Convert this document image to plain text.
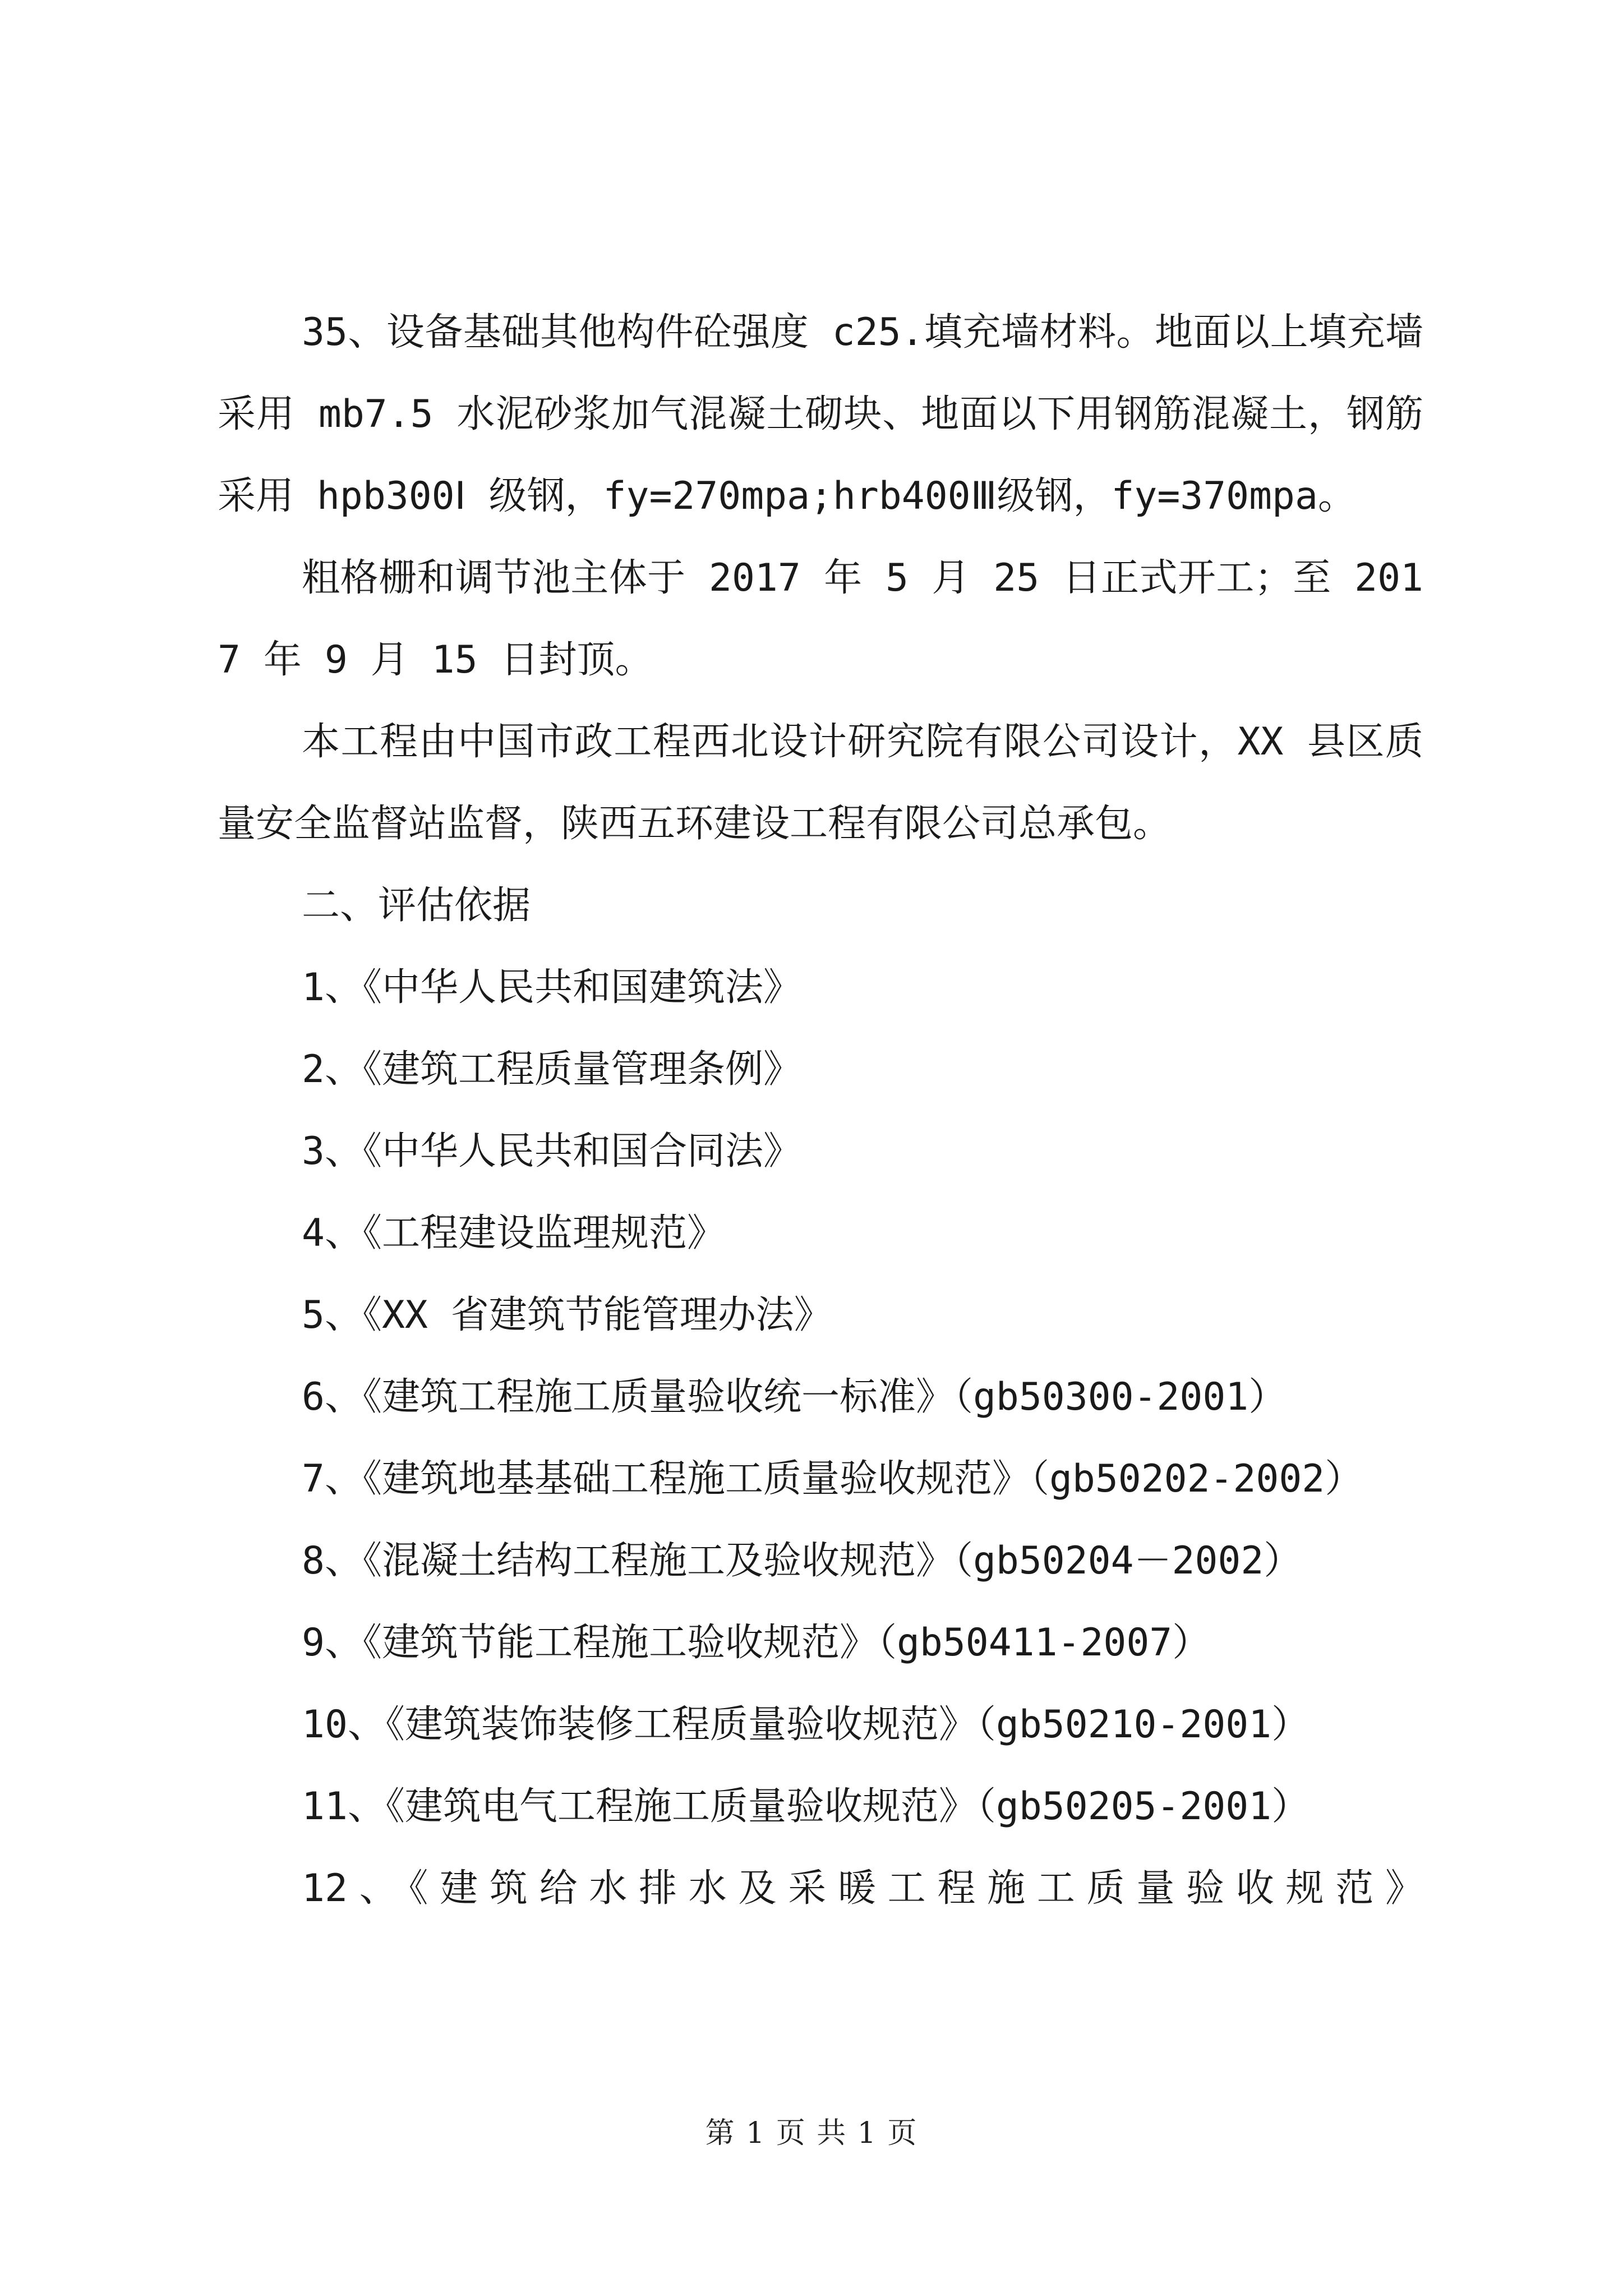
35、设备基础其他构件砼强度 c25.填充墙材料。地面以上填充墙采用 mb7.5 水泥砂浆加气混凝土砌块、地面以下用钢筋混凝土，钢筋采用 hpb300Ⅰ 级钢，fy=270mpa;hrb400Ⅲ级钢，fy=370mpa。

粗格栅和调节池主体于 2017 年 5 月 25 日正式开工；至 2017 年 9 月 15 日封顶。

本工程由中国市政工程西北设计研究院有限公司设计，XX 县区质量安全监督站监督，陕西五环建设工程有限公司总承包。

二、评估依据

1、《中华人民共和国建筑法》

2、《建筑工程质量管理条例》

3、《中华人民共和国合同法》

4、《工程建设监理规范》

5、《XX 省建筑节能管理办法》

6、《建筑工程施工质量验收统一标准》（gb50300-2001）

7、《建筑地基基础工程施工质量验收规范》（gb50202-2002）

8、《混凝土结构工程施工及验收规范》（gb50204－2002）

9、《建筑节能工程施工验收规范》（gb50411-2007）

10、《建筑装饰装修工程质量验收规范》（gb50210-2001）

11、《建筑电气工程施工质量验收规范》（gb50205-2001）

12、《建筑给水排水及采暖工程施工质量验收规范》

第 1 页 共 1 页
